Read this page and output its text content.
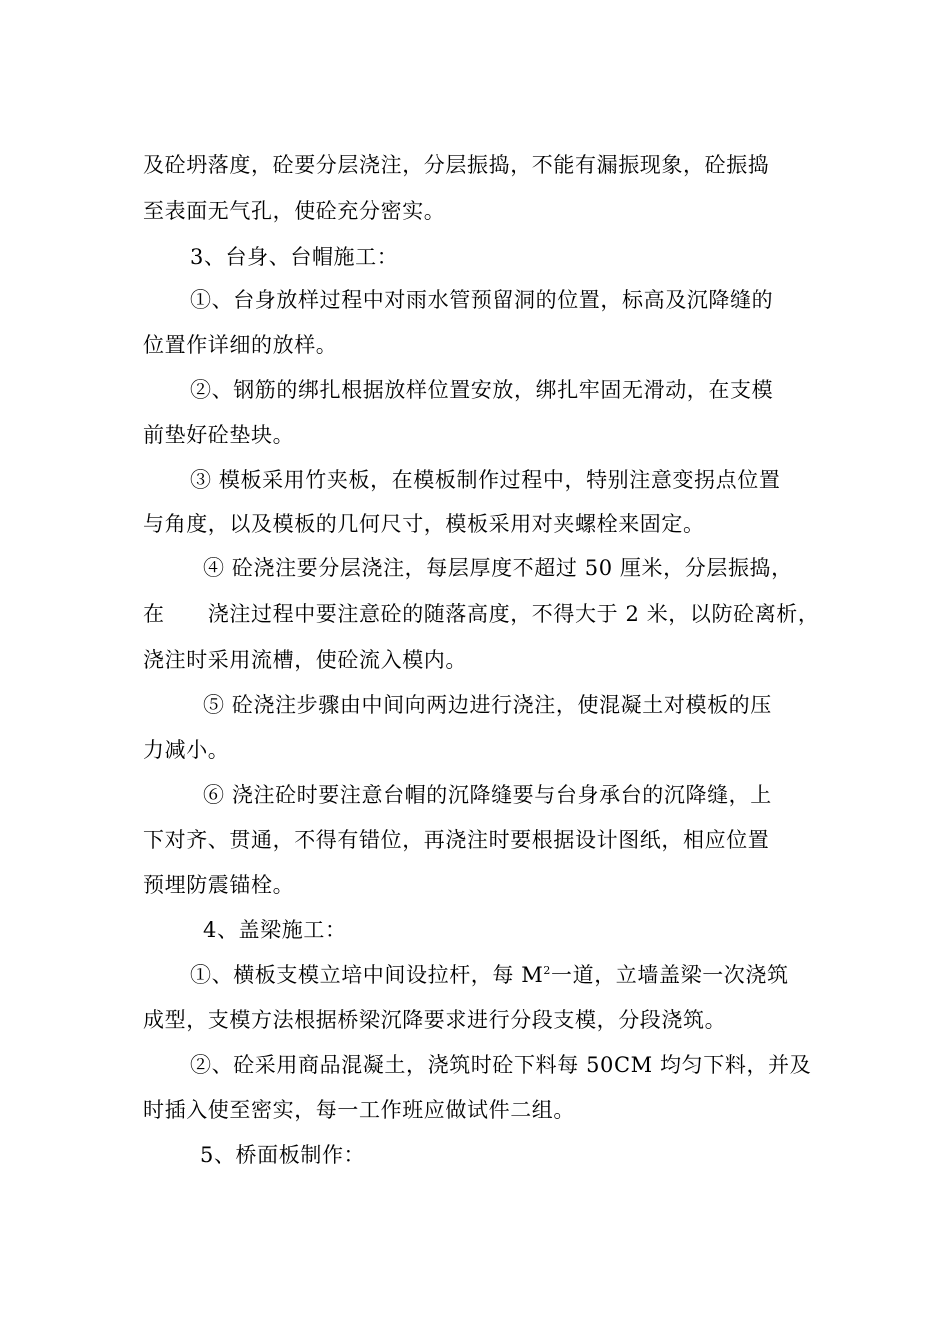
及砼坍落度，砼要分层浇注，分层振捣，不能有漏振现象，砼振捣
至表面无气孔，使砼充分密实。
3、台身、台帽施工：
①、台身放样过程中对雨水管预留洞的位置，标高及沉降缝的
位置作详细的放样。
②、钢筋的绑扎根据放样位置安放，绑扎牢固无滑动，在支模
前垫好砼垫块。
③ 模板采用竹夹板，在模板制作过程中，特别注意变拐点位置
与角度，以及模板的几何尺寸，模板采用对夹螺栓来固定。
④ 砼浇注要分层浇注，每层厚度不超过 50 厘米，分层振捣，
在　　浇注过程中要注意砼的随落高度，不得大于 2 米，以防砼离析，
浇注时采用流槽，使砼流入模内。
⑤ 砼浇注步骤由中间向两边进行浇注，使混凝土对模板的压
力减小。
⑥ 浇注砼时要注意台帽的沉降缝要与台身承台的沉降缝，上
下对齐、贯通，不得有错位，再浇注时要根据设计图纸，相应位置
预埋防震锚栓。
4、盖梁施工：
①、横板支模立培中间设拉杆，每 $M^2$一道，立墙盖梁一次浇筑
成型，支模方法根据桥梁沉降要求进行分段支模，分段浇筑。
②、砼采用商品混凝土，浇筑时砼下料每 50CM 均匀下料，并及
时插入使至密实，每一工作班应做试件二组。
5、桥面板制作：
